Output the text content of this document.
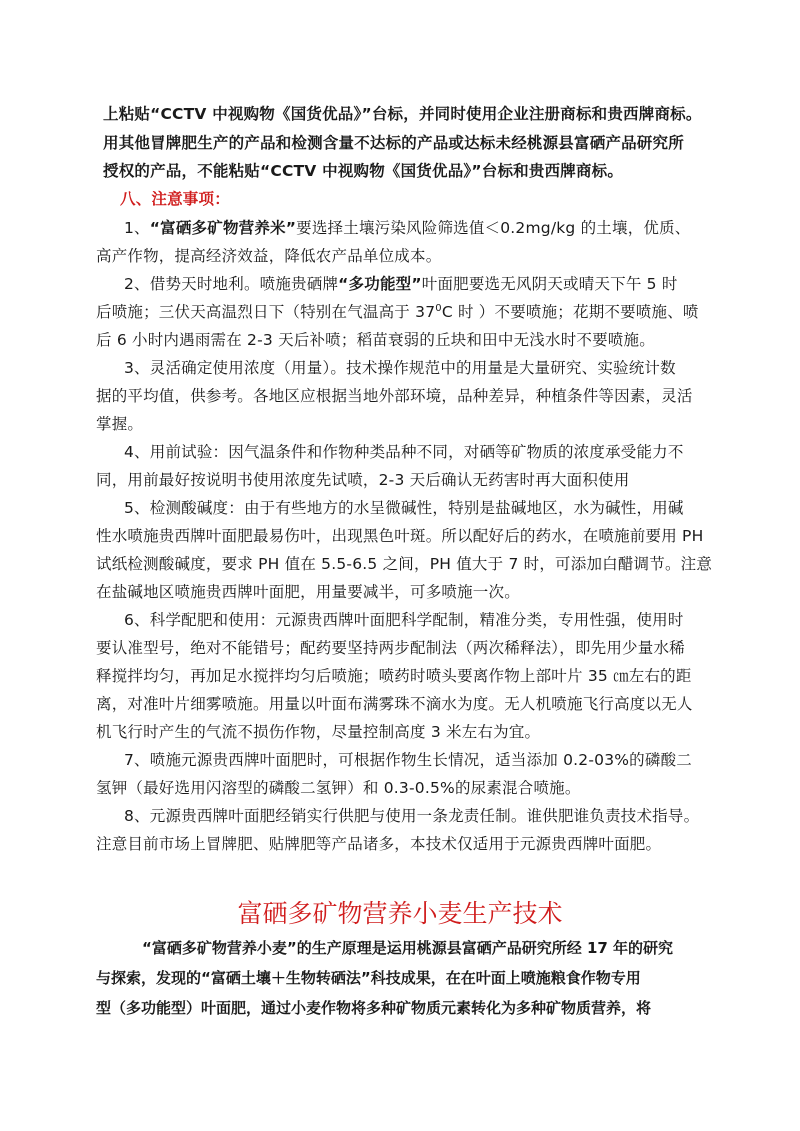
上粘贴“CCTV 中视购物《国货优品》”台标，并同时使用企业注册商标和贵西牌商标。
用其他冒牌肥生产的产品和检测含量不达标的产品或达标未经桃源县富硒产品研究所
授权的产品，不能粘贴“CCTV 中视购物《国货优品》”台标和贵西牌商标。
八、注意事项：
1、“富硒多矿物营养米”要选择土壤污染风险筛选值＜0.2mg/kg 的土壤，优质、
高产作物，提高经济效益，降低农产品单位成本。
2、借势天时地利。喷施贵硒牌“多功能型”叶面肥要选无风阴天或晴天下午 5 时
后喷施；三伏天高温烈日下（特别在气温高于 $37^0C$ 时 ）不要喷施；花期不要喷施、喷
后 6 小时内遇雨需在 2-3 天后补喷；稻苗衰弱的丘块和田中无浅水时不要喷施。
3、灵活确定使用浓度（用量）。技术操作规范中的用量是大量研究、实验统计数
据的平均值，供参考。各地区应根据当地外部环境，品种差异，种植条件等因素，灵活
掌握。
4、用前试验：因气温条件和作物种类品种不同，对硒等矿物质的浓度承受能力不
同，用前最好按说明书使用浓度先试喷，2-3 天后确认无药害时再大面积使用
5、检测酸碱度：由于有些地方的水呈微碱性，特别是盐碱地区，水为碱性，用碱
性水喷施贵西牌叶面肥最易伤叶，出现黑色叶斑。所以配好后的药水，在喷施前要用 PH
试纸检测酸碱度，要求 PH 值在 5.5-6.5 之间，PH 值大于 7 时，可添加白醋调节。注意
在盐碱地区喷施贵西牌叶面肥，用量要减半，可多喷施一次。
6、科学配肥和使用：元源贵西牌叶面肥科学配制，精准分类，专用性强，使用时
要认准型号，绝对不能错号；配药要坚持两步配制法（两次稀释法），即先用少量水稀
释搅拌均匀，再加足水搅拌均匀后喷施；喷药时喷头要离作物上部叶片 35 ㎝左右的距
离，对准叶片细雾喷施。用量以叶面布满雾珠不滴水为度。无人机喷施飞行高度以无人
机飞行时产生的气流不损伤作物，尽量控制高度 3 米左右为宜。
7、喷施元源贵西牌叶面肥时，可根据作物生长情况，适当添加 0.2-03%的磷酸二
氢钾（最好选用闪溶型的磷酸二氢钾）和 0.3-0.5%的尿素混合喷施。
8、元源贵西牌叶面肥经销实行供肥与使用一条龙责任制。谁供肥谁负责技术指导。
注意目前市场上冒牌肥、贴牌肥等产品诸多，本技术仅适用于元源贵西牌叶面肥。
富硒多矿物营养小麦生产技术
“富硒多矿物营养小麦”的生产原理是运用桃源县富硒产品研究所经 17 年的研究
与探索，发现的“富硒土壤＋生物转硒法”科技成果，在在叶面上喷施粮食作物专用
型（多功能型）叶面肥，通过小麦作物将多种矿物质元素转化为多种矿物质营养，将
